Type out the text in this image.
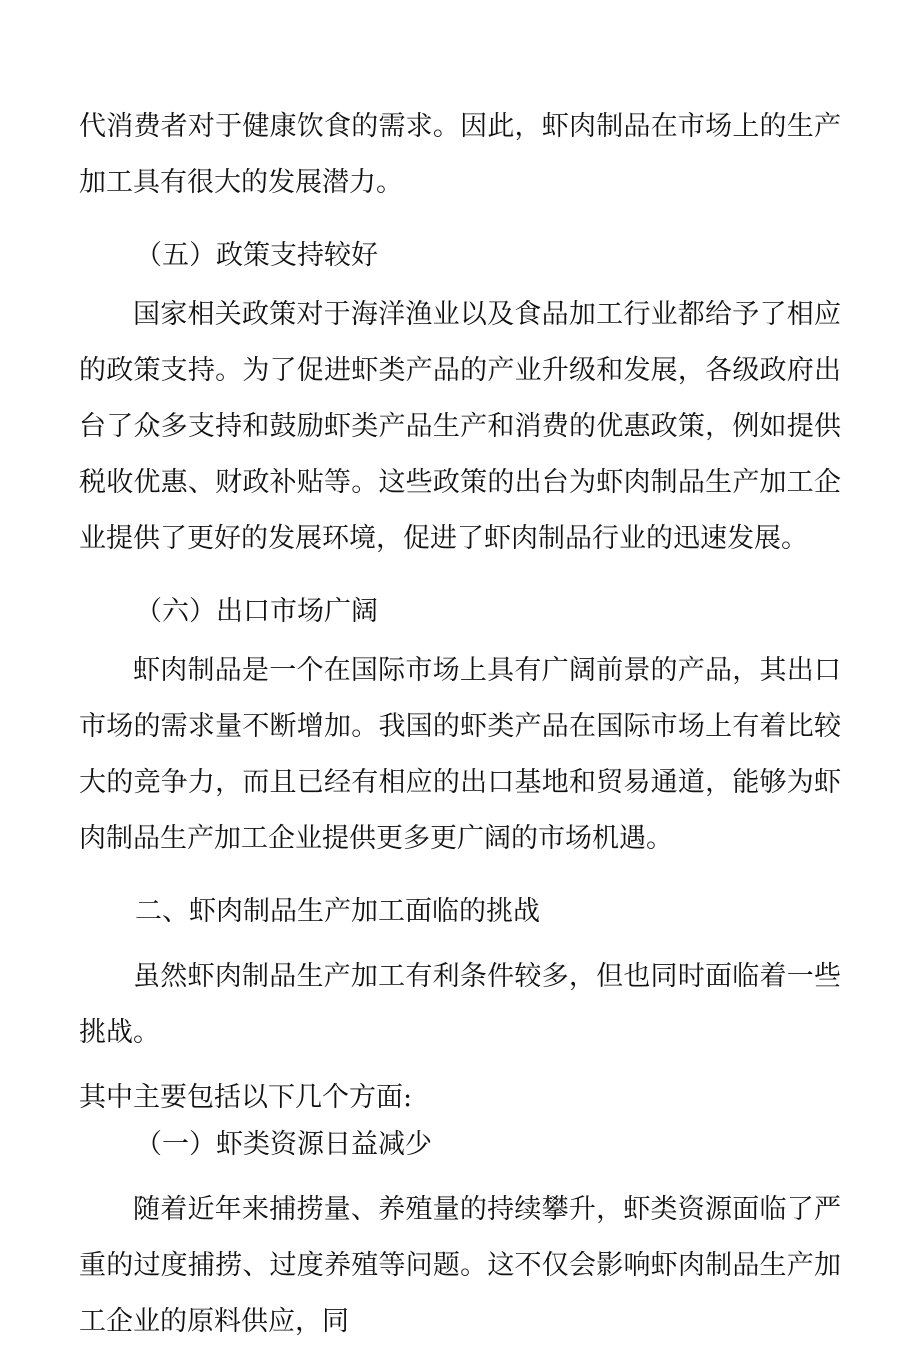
代消费者对于健康饮食的需求。因此，虾肉制品在市场上的生产加工具有很大的发展潜力。

（五）政策支持较好

国家相关政策对于海洋渔业以及食品加工行业都给予了相应的政策支持。为了促进虾类产品的产业升级和发展，各级政府出台了众多支持和鼓励虾类产品生产和消费的优惠政策，例如提供税收优惠、财政补贴等。这些政策的出台为虾肉制品生产加工企业提供了更好的发展环境，促进了虾肉制品行业的迅速发展。

（六）出口市场广阔

虾肉制品是一个在国际市场上具有广阔前景的产品，其出口市场的需求量不断增加。我国的虾类产品在国际市场上有着比较大的竞争力，而且已经有相应的出口基地和贸易通道，能够为虾肉制品生产加工企业提供更多更广阔的市场机遇。

二、虾肉制品生产加工面临的挑战

虽然虾肉制品生产加工有利条件较多，但也同时面临着一些挑战。

其中主要包括以下几个方面:

（一）虾类资源日益减少

随着近年来捕捞量、养殖量的持续攀升，虾类资源面临了严重的过度捕捞、过度养殖等问题。这不仅会影响虾肉制品生产加工企业的原料供应，同
